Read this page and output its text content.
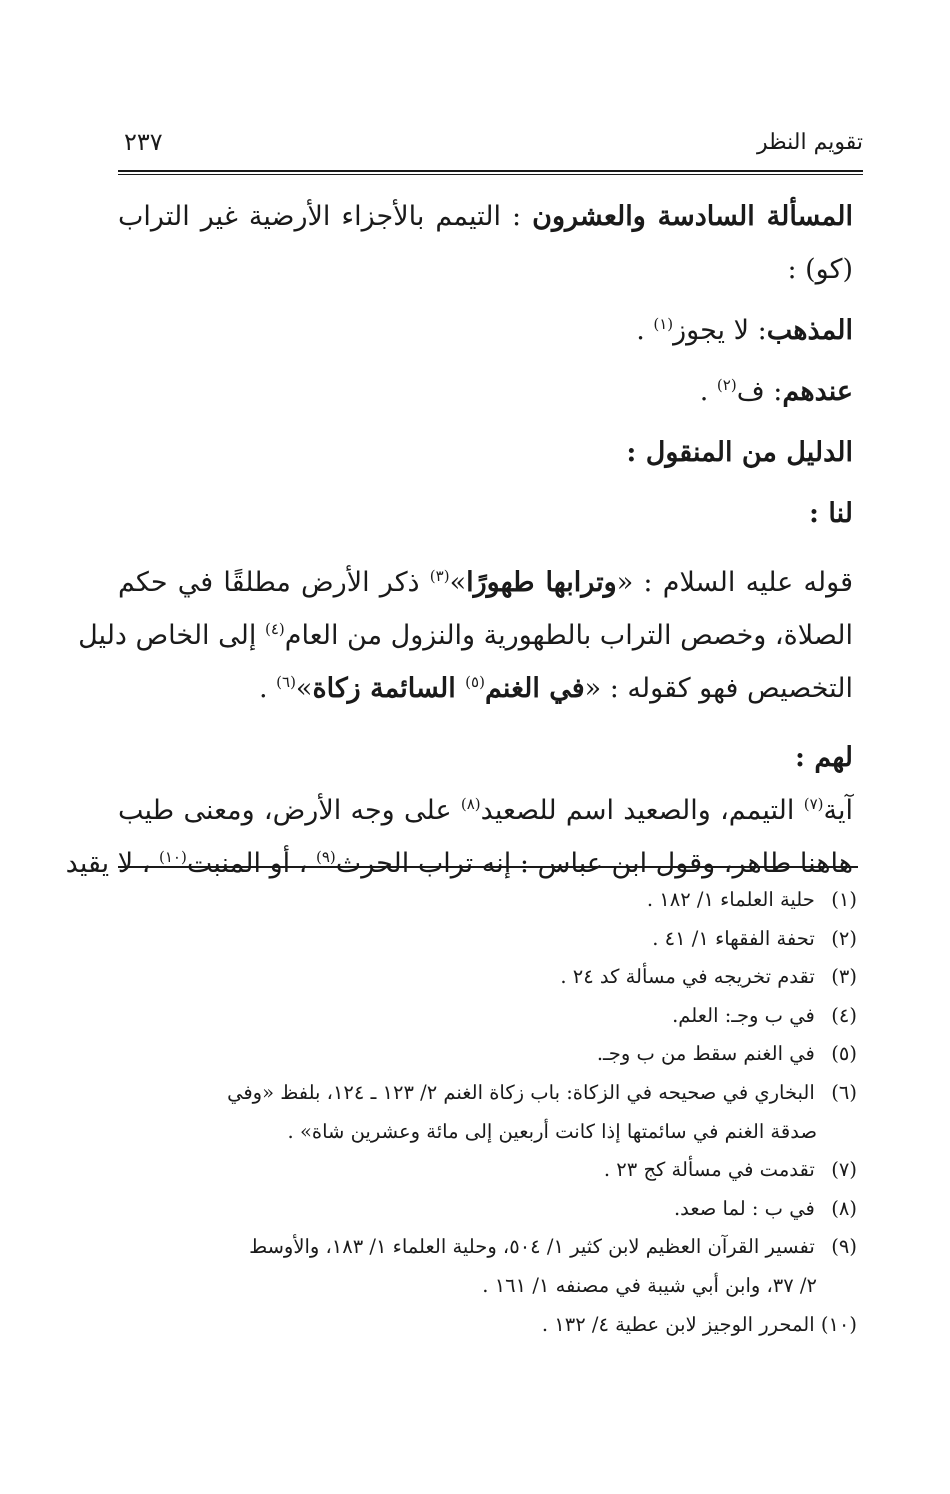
تقويم النظر
٢٣٧
المسألة السادسة والعشرون : التيمم بالأجزاء الأرضية غير التراب
(كو) :
المذهب: لا يجوز$^{(١)}$ .
عندهم: ف$^{(٢)}$ .
الدليل من المنقول :
لنا :
قوله عليه السلام : «وترابها طهورًا»$^{(٣)}$ ذكر الأرض مطلقًا في حكم
الصلاة، وخصص التراب بالطهورية والنزول من العام$^{(٤)}$ إلى الخاص دليل
التخصيص فهو كقوله : «في الغنم$^{(٥)}$ السائمة زكاة»$^{(٦)}$ .
لهم :
آية$^{(٧)}$ التيمم، والصعيد اسم للصعيد$^{(٨)}$ على وجه الأرض، ومعنى طيب
هاهنا طاهر، وقول ابن عباس : إنه تراب الحرث$^{(٩)}$ ، أو المنبت$^{(١٠)}$ ، لا يقيد
(١) حلية العلماء ١/ ١٨٢ .
(٢) تحفة الفقهاء ١/ ٤١ .
(٣) تقدم تخريجه في مسألة كد ٢٤ .
(٤) في ب وجـ: العلم.
(٥) في الغنم سقط من ب وجـ.
(٦) البخاري في صحيحه في الزكاة: باب زكاة الغنم ٢/ ١٢٣ ـ ١٢٤، بلفظ «وفي
صدقة الغنم في سائمتها إذا كانت أربعين إلى مائة وعشرين شاة» .
(٧) تقدمت في مسألة كج ٢٣ .
(٨) في ب : لما صعد.
(٩) تفسير القرآن العظيم لابن كثير ١/ ٥٠٤، وحلية العلماء ١/ ١٨٣، والأوسط
٢/ ٣٧، وابن أبي شيبة في مصنفه ١/ ١٦١ .
(١٠) المحرر الوجيز لابن عطية ٤/ ١٣٢ .
